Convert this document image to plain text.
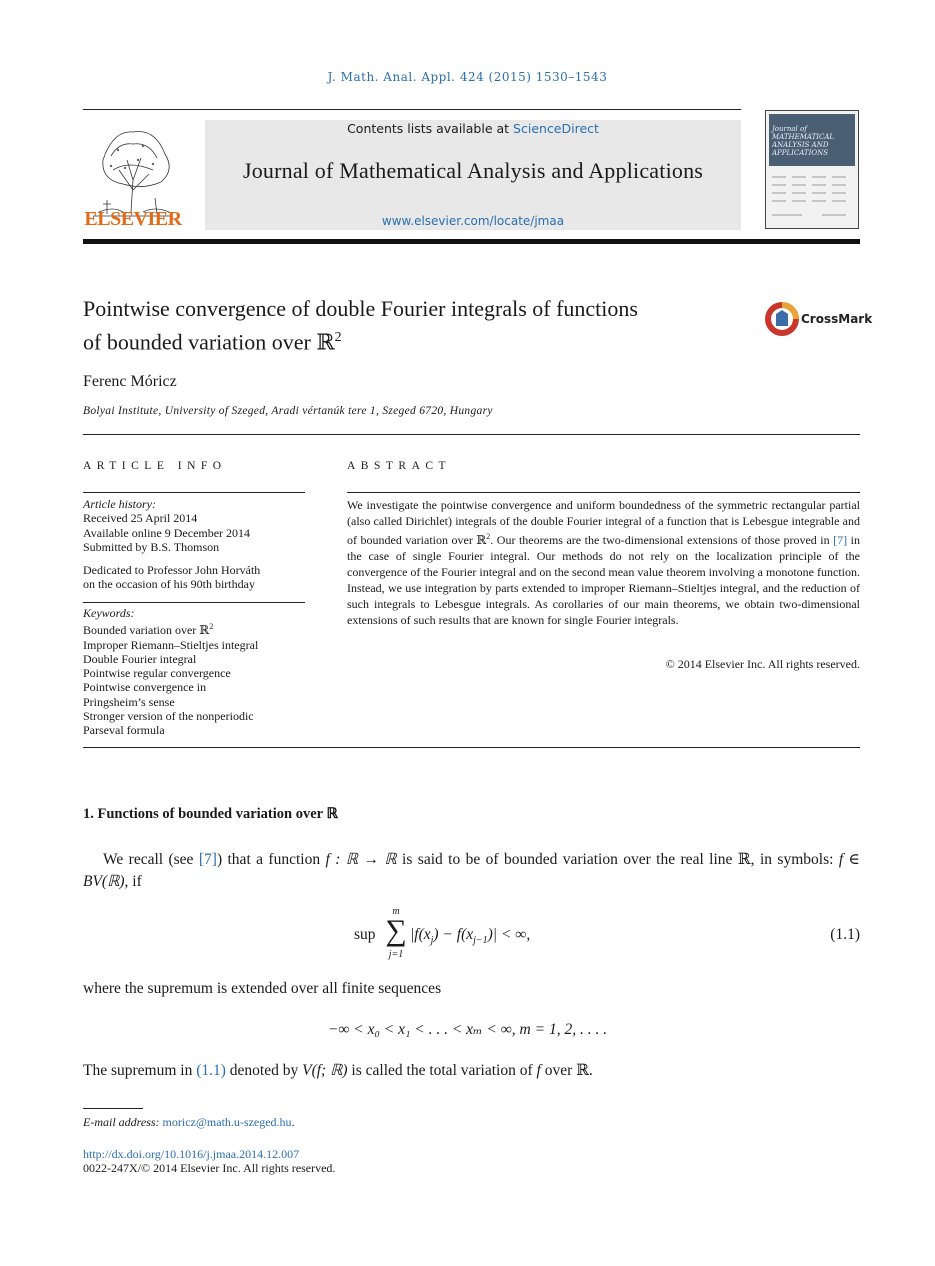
J. Math. Anal. Appl. 424 (2015) 1530–1543
ELSEVIER
Contents lists available at ScienceDirect
Journal of Mathematical Analysis and Applications
www.elsevier.com/locate/jmaa
Journal of MATHEMATICAL ANALYSIS AND APPLICATIONS
Pointwise convergence of double Fourier integrals of functions
of bounded variation over ℝ$^2$
CrossMark
Ferenc Móricz
Bolyai Institute, University of Szeged, Aradi vértanúk tere 1, Szeged 6720, Hungary
ARTICLE INFO
Article history:
Received 25 April 2014
Available online 9 December 2014
Submitted by B.S. Thomson
Dedicated to Professor John Horváth
on the occasion of his 90th birthday
Keywords:
Bounded variation over ℝ$^2$
Improper Riemann–Stieltjes integral
Double Fourier integral
Pointwise regular convergence
Pointwise convergence in
Pringsheim’s sense
Stronger version of the nonperiodic
Parseval formula
ABSTRACT
We investigate the pointwise convergence and uniform boundedness of the symmetric rectangular partial (also called Dirichlet) integrals of the double Fourier integral of a function that is Lebesgue integrable and of bounded variation over ℝ$^2$. Our theorems are the two-dimensional extensions of those proved in [7] in the case of single Fourier integral. Our methods do not rely on the localization principle of the convergence of the Fourier integral and on the second mean value theorem involving a monotone function. Instead, we use integration by parts extended to improper Riemann–Stieltjes integral, and the reduction of such integrals to Lebesgue integrals. As corollaries of our main theorems, we obtain two-dimensional extensions of such results that are known for single Fourier integrals.
© 2014 Elsevier Inc. All rights reserved.
1. Functions of bounded variation over ℝ
We recall (see [7]) that a function f : ℝ → ℝ is said to be of bounded variation over the real line ℝ, in symbols: f ∈ BV(ℝ), if
sup
m
∑
j=1
$|f(x_j) - f(x_{j-1})|$ < ∞,	(1.1)
where the supremum is extended over all finite sequences
−∞ < x₀ < x₁ < . . . < xₘ < ∞, m = 1, 2, . . . .
The supremum in (1.1) denoted by V(f; ℝ) is called the total variation of f over ℝ.
E-mail address: moricz@math.u-szeged.hu.
http://dx.doi.org/10.1016/j.jmaa.2014.12.007
0022-247X/© 2014 Elsevier Inc. All rights reserved.
